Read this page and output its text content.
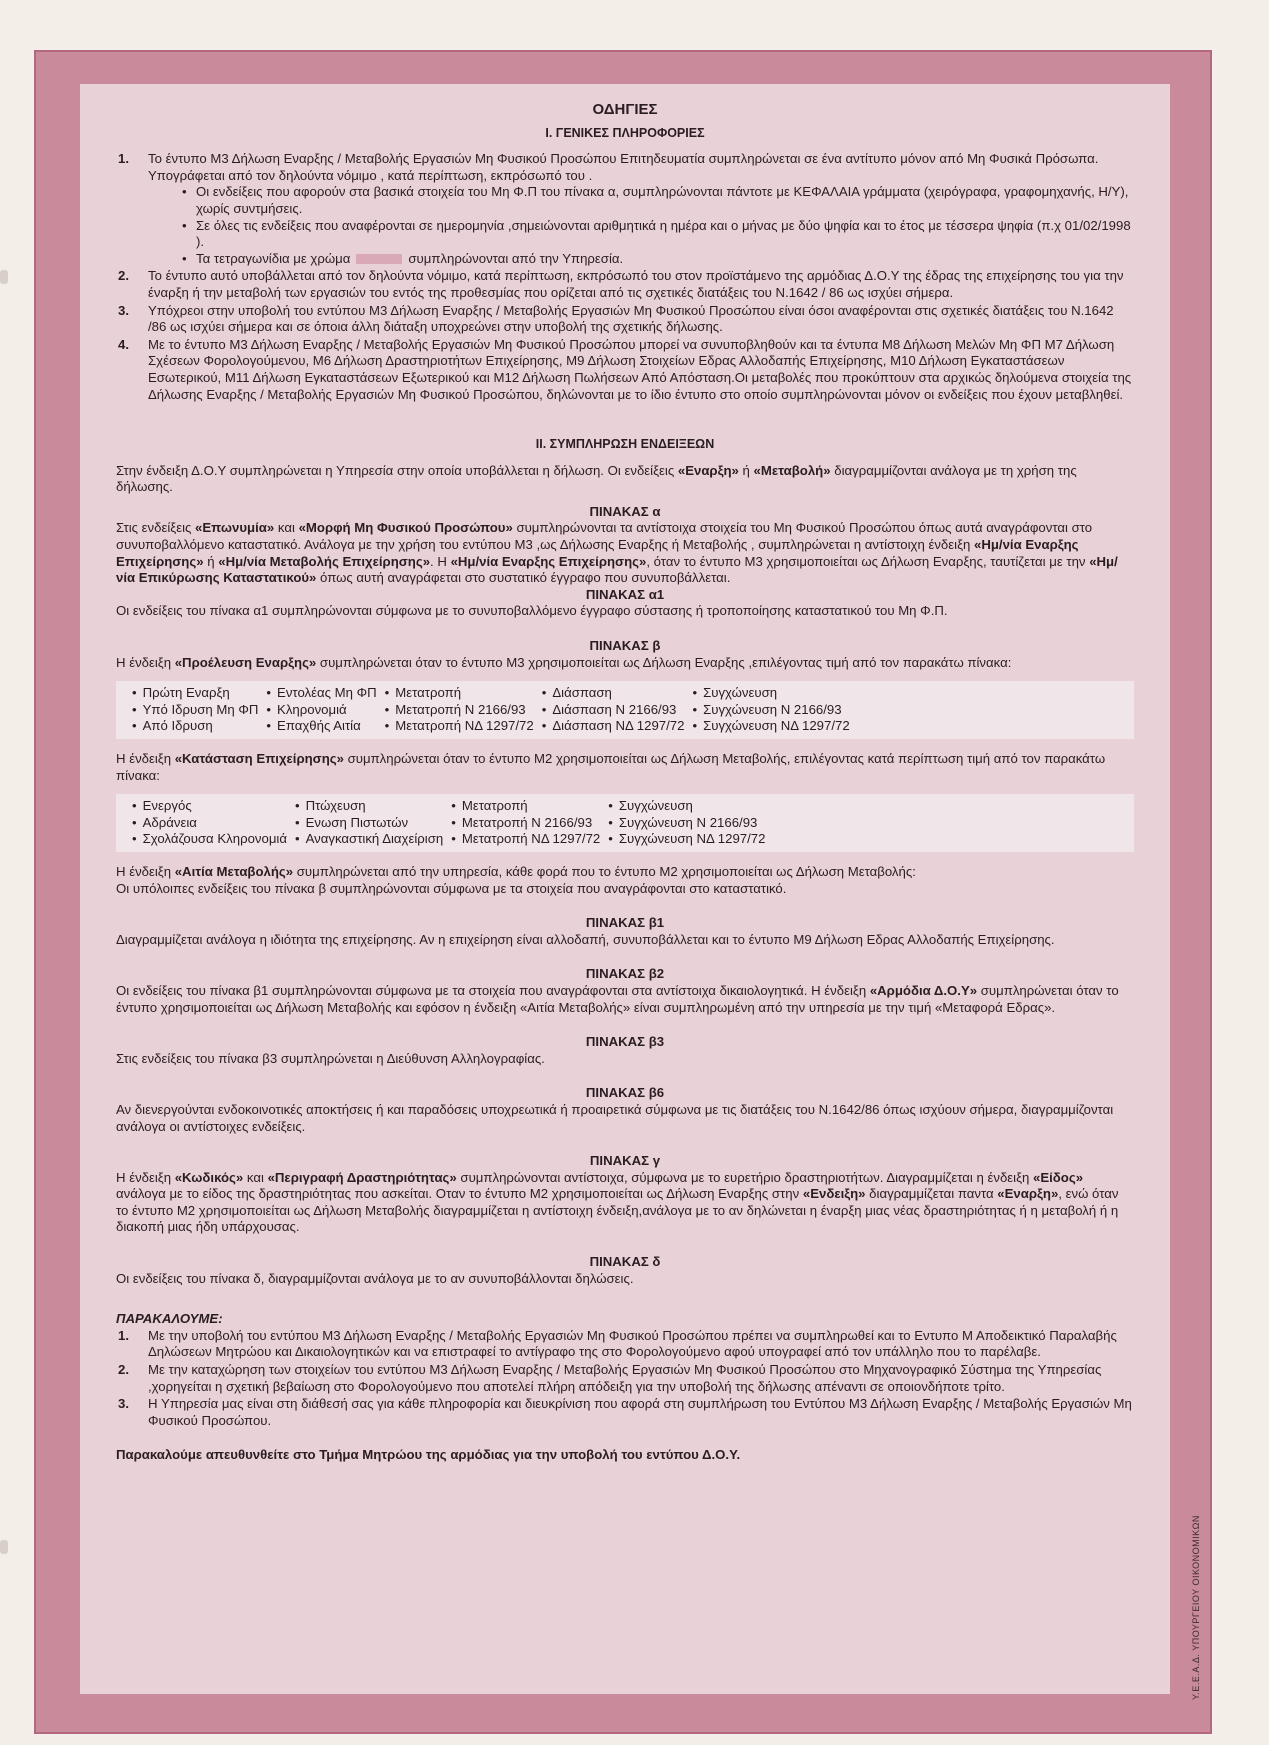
Υ.Ε.Ε.Α.Δ. ΥΠΟΥΡΓΕΙΟΥ ΟΙΚΟΝΟΜΙΚΩΝ
ΟΔΗΓΙΕΣ
Ι. ΓΕΝΙΚΕΣ ΠΛΗΡΟΦΟΡΙΕΣ
1. Το έντυπο Μ3 Δήλωση Εναρξης / Μεταβολής Εργασιών Μη Φυσικού Προσώπου Επιτηδευματία συμπληρώνεται σε ένα αντίτυπο μόνον από Μη Φυσικά Πρόσωπα. Υπογράφεται από τον δηλούντα νόμιμο , κατά περίπτωση, εκπρόσωπό του .
• Οι ενδείξεις που αφορούν στα βασικά στοιχεία του Μη Φ.Π του πίνακα α, συμπληρώνονται πάντοτε με ΚΕΦΑΛΑΙΑ γράμματα (χειρόγραφα, γραφομηχανής, Η/Υ), χωρίς συντμήσεις.
• Σε όλες τις ενδείξεις που αναφέρονται σε ημερομηνία ,σημειώνονται αριθμητικά η ημέρα και ο μήνας με δύο ψηφία και το έτος με τέσσερα ψηφία (π.χ 01/02/1998 ).
• Τα τετραγωνίδια με χρώμα	συμπληρώνονται από την Υπηρεσία.
2. Το έντυπο αυτό υποβάλλεται από τον δηλούντα νόμιμο, κατά περίπτωση, εκπρόσωπό του στον προϊστάμενο της αρμόδιας Δ.Ο.Υ της έδρας της επιχείρησης του για την έναρξη ή την μεταβολή των εργασιών του εντός της προθεσμίας που ορίζεται από τις σχετικές διατάξεις του Ν.1642 / 86 ως ισχύει σήμερα.
3. Υπόχρεοι στην υποβολή του εντύπου Μ3 Δήλωση Εναρξης / Μεταβολής Εργασιών Μη Φυσικού Προσώπου είναι όσοι αναφέρονται στις σχετικές διατάξεις του Ν.1642 /86 ως ισχύει σήμερα και σε όποια άλλη διάταξη υποχρεώνει στην υποβολή της σχετικής δήλωσης.
4. Με το έντυπο Μ3 Δήλωση Εναρξης / Μεταβολής Εργασιών Μη Φυσικού Προσώπου μπορεί να συνυποβληθούν και τα έντυπα Μ8 Δήλωση Μελών Μη ΦΠ Μ7 Δήλωση Σχέσεων Φορολογούμενου, Μ6 Δήλωση Δραστηριοτήτων Επιχείρησης, Μ9 Δήλωση Στοιχείων Εδρας Αλλοδαπής Επιχείρησης, Μ10 Δήλωση Εγκαταστάσεων Εσωτερικού, Μ11 Δήλωση Εγκαταστάσεων Εξωτερικού και Μ12 Δήλωση Πωλήσεων Από Απόσταση.Οι μεταβολές που προκύπτουν στα αρχικώς δηλούμενα στοιχεία της Δήλωσης Εναρξης / Μεταβολής Εργασιών Μη Φυσικού Προσώπου, δηλώνονται με το ίδιο έντυπο στο οποίο συμπληρώνονται μόνον οι ενδείξεις που έχουν μεταβληθεί.
ΙΙ. ΣΥΜΠΛΗΡΩΣΗ ΕΝΔΕΙΞΕΩΝ

Στην ένδειξη Δ.Ο.Υ συμπληρώνεται η Υπηρεσία στην οποία υποβάλλεται η δήλωση. Οι ενδείξεις «Εναρξη» ή «Μεταβολή» διαγραμμίζονται ανάλογα με τη χρήση της δήλωσης.

ΠΙΝΑΚΑΣ α

Στις ενδείξεις «Επωνυμία» και «Μορφή Μη Φυσικού Προσώπου» συμπληρώνονται τα αντίστοιχα στοιχεία του Μη Φυσικού Προσώπου όπως αυτά αναγράφονται στο συνυποβαλλόμενο καταστατικό. Ανάλογα με την χρήση του εντύπου Μ3 ,ως Δήλωσης Εναρξης ή Μεταβολής , συμπληρώνεται η αντίστοιχη ένδειξη «Ημ/νία Εναρξης Επιχείρησης» ή «Ημ/νία Μεταβολής Επιχείρησης». Η «Ημ/νία Εναρξης Επιχείρησης», όταν το έντυπο Μ3 χρησιμοποιείται ως Δήλωση Εναρξης, ταυτίζεται με την «Ημ/νία Επικύρωσης Καταστατικού» όπως αυτή αναγράφεται στο συστατικό έγγραφο που συνυποβάλλεται.

ΠΙΝΑΚΑΣ α1

Οι ενδείξεις του πίνακα α1 συμπληρώνονται σύμφωνα με το συνυποβαλλόμενο έγγραφο σύστασης ή τροποποίησης καταστατικού του Μη Φ.Π.

ΠΙΝΑΚΑΣ β

Η ένδειξη «Προέλευση Εναρξης» συμπληρώνεται όταν το έντυπο Μ3 χρησιμοποιείται ως Δήλωση Εναρξης ,επιλέγοντας τιμή από τον παρακάτω πίνακα:

• Πρώτη Εναρξη	• Εντολέας Μη ΦΠ	• Μετατροπή	• Διάσπαση	• Συγχώνευση
• Υπό Ιδρυση Μη ΦΠ	• Κληρονομιά	• Μετατροπή Ν 2166/93	• Διάσπαση Ν 2166/93	• Συγχώνευση Ν 2166/93
• Από Ιδρυση	• Επαχθής Αιτία	• Μετατροπή ΝΔ 1297/72	• Διάσπαση ΝΔ 1297/72	• Συγχώνευση ΝΔ 1297/72

Η ένδειξη «Κατάσταση Επιχείρησης» συμπληρώνεται όταν το έντυπο Μ2 χρησιμοποιείται ως Δήλωση Μεταβολής, επιλέγοντας κατά περίπτωση τιμή από τον παρακάτω πίνακα:

• Ενεργός	• Πτώχευση	• Μετατροπή	• Συγχώνευση
• Αδράνεια	• Ενωση Πιστωτών	• Μετατροπή Ν 2166/93	• Συγχώνευση Ν 2166/93
• Σχολάζουσα Κληρονομιά	• Αναγκαστική Διαχείριση	• Μετατροπή ΝΔ 1297/72	• Συγχώνευση ΝΔ 1297/72

Η ένδειξη «Αιτία Μεταβολής» συμπληρώνεται από την υπηρεσία, κάθε φορά που το έντυπο Μ2 χρησιμοποιείται ως Δήλωση Μεταβολής:

Οι υπόλοιπες ενδείξεις του πίνακα β συμπληρώνονται σύμφωνα με τα στοιχεία που αναγράφονται στο καταστατικό.

ΠΙΝΑΚΑΣ β1

Διαγραμμίζεται ανάλογα η ιδιότητα της επιχείρησης. Αν η επιχείρηση είναι αλλοδαπή, συνυποβάλλεται και το έντυπο Μ9 Δήλωση Εδρας Αλλοδαπής Επιχείρησης.

ΠΙΝΑΚΑΣ β2

Οι ενδείξεις του πίνακα β1 συμπληρώνονται σύμφωνα με τα στοιχεία που αναγράφονται στα αντίστοιχα δικαιολογητικά. Η ένδειξη «Αρμόδια Δ.Ο.Υ» συμπληρώνεται όταν το έντυπο χρησιμοποιείται ως Δήλωση Μεταβολής και εφόσον η ένδειξη «Αιτία Μεταβολής» είναι συμπληρωμένη από την υπηρεσία με την τιμή «Μεταφορά Εδρας».

ΠΙΝΑΚΑΣ β3

Στις ενδείξεις του πίνακα β3 συμπληρώνεται η Διεύθυνση Αλληλογραφίας.

ΠΙΝΑΚΑΣ β6

Αν διενεργούνται ενδοκοινοτικές αποκτήσεις ή και παραδόσεις υποχρεωτικά ή προαιρετικά σύμφωνα με τις διατάξεις του Ν.1642/86 όπως ισχύουν σήμερα, διαγραμμίζονται ανάλογα οι αντίστοιχες ενδείξεις.

ΠΙΝΑΚΑΣ γ

Η ένδειξη «Κωδικός» και «Περιγραφή Δραστηριότητας» συμπληρώνονται αντίστοιχα, σύμφωνα με το ευρετήριο δραστηριοτήτων. Διαγραμμίζεται η ένδειξη «Είδος» ανάλογα με το είδος της δραστηριότητας που ασκείται. Οταν το έντυπο Μ2 χρησιμοποιείται ως Δήλωση Εναρξης στην «Ενδειξη» διαγραμμίζεται παντα «Εναρξη», ενώ όταν το έντυπο Μ2 χρησιμοποιείται ως Δήλωση Μεταβολής διαγραμμίζεται η αντίστοιχη ένδειξη,ανάλογα με το αν δηλώνεται η έναρξη μιας νέας δραστηριότητας ή η μεταβολή ή η διακοπή μιας ήδη υπάρχουσας.

ΠΙΝΑΚΑΣ δ

Οι ενδείξεις του πίνακα δ, διαγραμμίζονται ανάλογα με το αν συνυποβάλλονται δηλώσεις.

ΠΑΡΑΚΑΛΟΥΜΕ:
1. Με την υποβολή του εντύπου Μ3 Δήλωση Εναρξης / Μεταβολής Εργασιών Μη Φυσικού Προσώπου πρέπει να συμπληρωθεί και το Εντυπο Μ Αποδεικτικό Παραλαβής Δηλώσεων Μητρώου και Δικαιολογητικών και να επιστραφεί το αντίγραφο της στο Φορολογούμενο αφού υπογραφεί από τον υπάλληλο που το παρέλαβε.
2. Με την καταχώρηση των στοιχείων του εντύπου Μ3 Δήλωση Εναρξης / Μεταβολής Εργασιών Μη Φυσικού Προσώπου στο Μηχανογραφικό Σύστημα της Υπηρεσίας ,χορηγείται η σχετική βεβαίωση στο Φορολογούμενο που αποτελεί πλήρη απόδειξη για την υποβολή της δήλωσης απέναντι σε οποιονδήποτε τρίτο.
3. Η Υπηρεσία μας είναι στη διάθεσή σας για κάθε πληροφορία και διευκρίνιση που αφορά στη συμπλήρωση του Εντύπου Μ3 Δήλωση Εναρξης / Μεταβολής Εργασιών Μη Φυσικού Προσώπου.
Παρακαλούμε απευθυνθείτε στο Τμήμα Μητρώου της αρμόδιας για την υποβολή του εντύπου Δ.Ο.Υ.
